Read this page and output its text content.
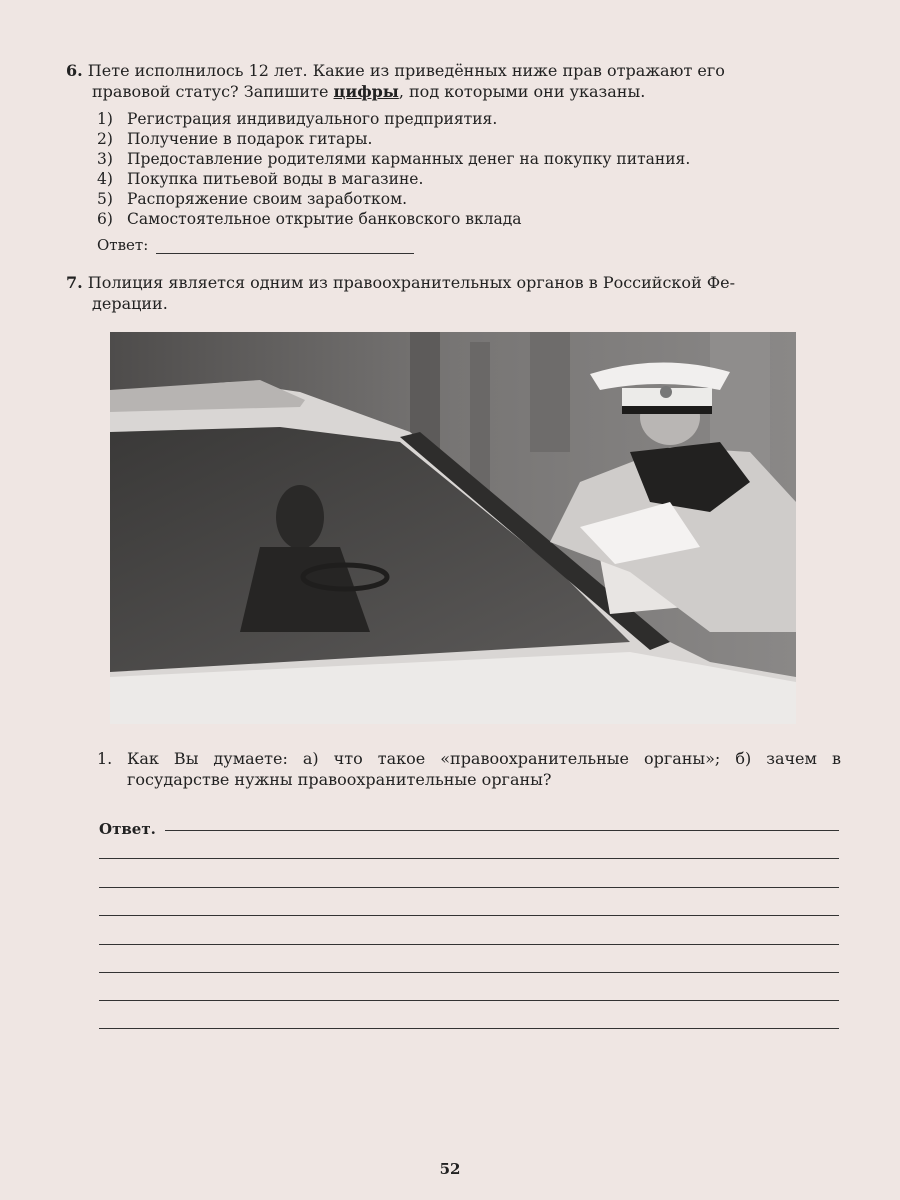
6. Пете исполнилось 12 лет. Какие из приведённых ниже прав отражают его
правовой статус? Запишите цифры, под которыми они указаны.
1) Регистрация индивидуального предприятия.
2) Получение в подарок гитары.
3) Предоставление родителями карманных денег на покупку питания.
4) Покупка питьевой воды в магазине.
5) Распоряжение своим заработком.
6) Самостоятельное открытие банковского вклада
Ответ:
7. Полиция является одним из правоохранительных органов в Российской Фе-
дерации.
1. Как Вы думаете: а) что такое «правоохранительные органы»; б) зачем в государстве нужны правоохранительные органы?
Ответ.
52
